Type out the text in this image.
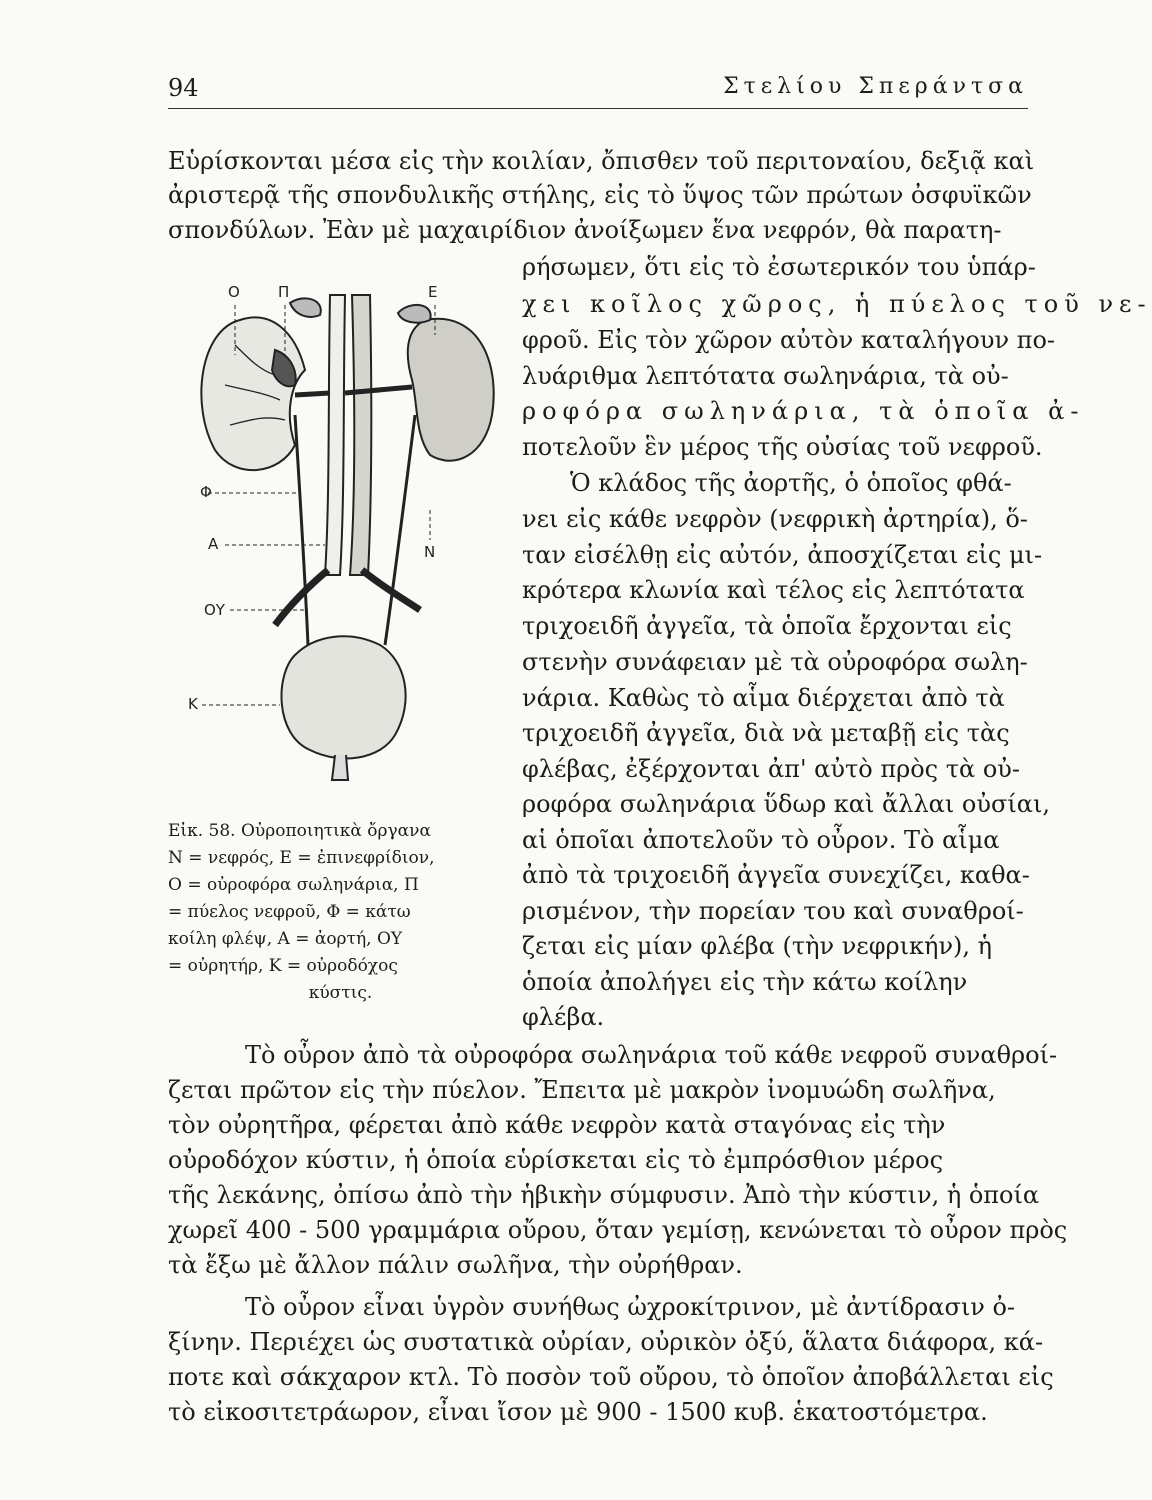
94	Στελίου Σπεράντσα
Εὑρίσκονται μέσα εἰς τὴν κοιλίαν, ὄπισθεν τοῦ περιτοναίου, δεξιᾷ καὶ
ἀριστερᾷ τῆς σπονδυλικῆς στήλης, εἰς τὸ ὕψος τῶν πρώτων ὀσφυϊκῶν
σπονδύλων. Ἐὰν μὲ μαχαιρίδιον ἀνοίξωμεν ἕνα νεφρόν, θὰ παρατη-
ρήσωμεν, ὅτι εἰς τὸ ἐσωτερικόν του ὑπάρ-
χει κοῖλος χῶρος, ἡ πύελος τοῦ νε-
φροῦ. Εἰς τὸν χῶρον αὐτὸν καταλήγουν πο-
λυάριθμα λεπτότατα σωληνάρια, τὰ οὐ-
ροφόρα σωληνάρια, τὰ ὁποῖα ἀ-
ποτελοῦν ἓν μέρος τῆς οὐσίας τοῦ νεφροῦ.
Ὁ κλάδος τῆς ἀορτῆς, ὁ ὁποῖος φθά-
νει εἰς κάθε νεφρὸν (νεφρικὴ ἀρτηρία), ὅ-
ταν εἰσέλθῃ εἰς αὐτόν, ἀποσχίζεται εἰς μι-
κρότερα κλωνία καὶ τέλος εἰς λεπτότατα
τριχοειδῆ ἀγγεῖα, τὰ ὁποῖα ἔρχονται εἰς
στενὴν συνάφειαν μὲ τὰ οὐροφόρα σωλη-
νάρια. Καθὼς τὸ αἷμα διέρχεται ἀπὸ τὰ
τριχοειδῆ ἀγγεῖα, διὰ νὰ μεταβῇ εἰς τὰς
φλέβας, ἐξέρχονται ἀπ' αὐτὸ πρὸς τὰ οὐ-
ροφόρα σωληνάρια ὕδωρ καὶ ἄλλαι οὐσίαι,
αἱ ὁποῖαι ἀποτελοῦν τὸ οὖρον. Τὸ αἷμα
ἀπὸ τὰ τριχοειδῆ ἀγγεῖα συνεχίζει, καθα-
ρισμένον, τὴν πορείαν του καὶ συναθροί-
ζεται εἰς μίαν φλέβα (τὴν νεφρικήν), ἡ
ὁποία ἀπολήγει εἰς τὴν κάτω κοίλην
φλέβα.
Ο	Π	Ε
Φ
Α	Ν
ΟΥ
Κ
Εἰκ. 58. Οὐροποιητικὰ ὄργανα
Ν = νεφρός, Ε = ἐπινεφρίδιον,
Ο = οὐροφόρα σωληνάρια, Π
= πύελος νεφροῦ, Φ = κάτω
κοίλη φλέψ, Α = ἀορτή, ΟΥ
= οὐρητήρ, Κ = οὐροδόχος
κύστις.
Τὸ οὖρον ἀπὸ τὰ οὐροφόρα σωληνάρια τοῦ κάθε νεφροῦ συναθροί-
ζεται πρῶτον εἰς τὴν πύελον. Ἔπειτα μὲ μακρὸν ἰνομυώδη σωλῆνα,
τὸν οὐρητῆρα, φέρεται ἀπὸ κάθε νεφρὸν κατὰ σταγόνας εἰς τὴν
οὐροδόχον κύστιν, ἡ ὁποία εὑρίσκεται εἰς τὸ ἐμπρόσθιον μέρος
τῆς λεκάνης, ὀπίσω ἀπὸ τὴν ἡβικὴν σύμφυσιν. Ἀπὸ τὴν κύστιν, ἡ ὁποία
χωρεῖ 400 - 500 γραμμάρια οὔρου, ὅταν γεμίσῃ, κενώνεται τὸ οὖρον πρὸς
τὰ ἔξω μὲ ἄλλον πάλιν σωλῆνα, τὴν οὐρήθραν.
Τὸ οὖρον εἶναι ὑγρὸν συνήθως ὠχροκίτρινον, μὲ ἀντίδρασιν ὀ-
ξίνην. Περιέχει ὡς συστατικὰ οὐρίαν, οὐρικὸν ὀξύ, ἅλατα διάφορα, κά-
ποτε καὶ σάκχαρον κτλ. Τὸ ποσὸν τοῦ οὔρου, τὸ ὁποῖον ἀποβάλλεται εἰς
τὸ εἰκοσιτετράωρον, εἶναι ἴσον μὲ 900 - 1500 κυβ. ἑκατοστόμετρα.
